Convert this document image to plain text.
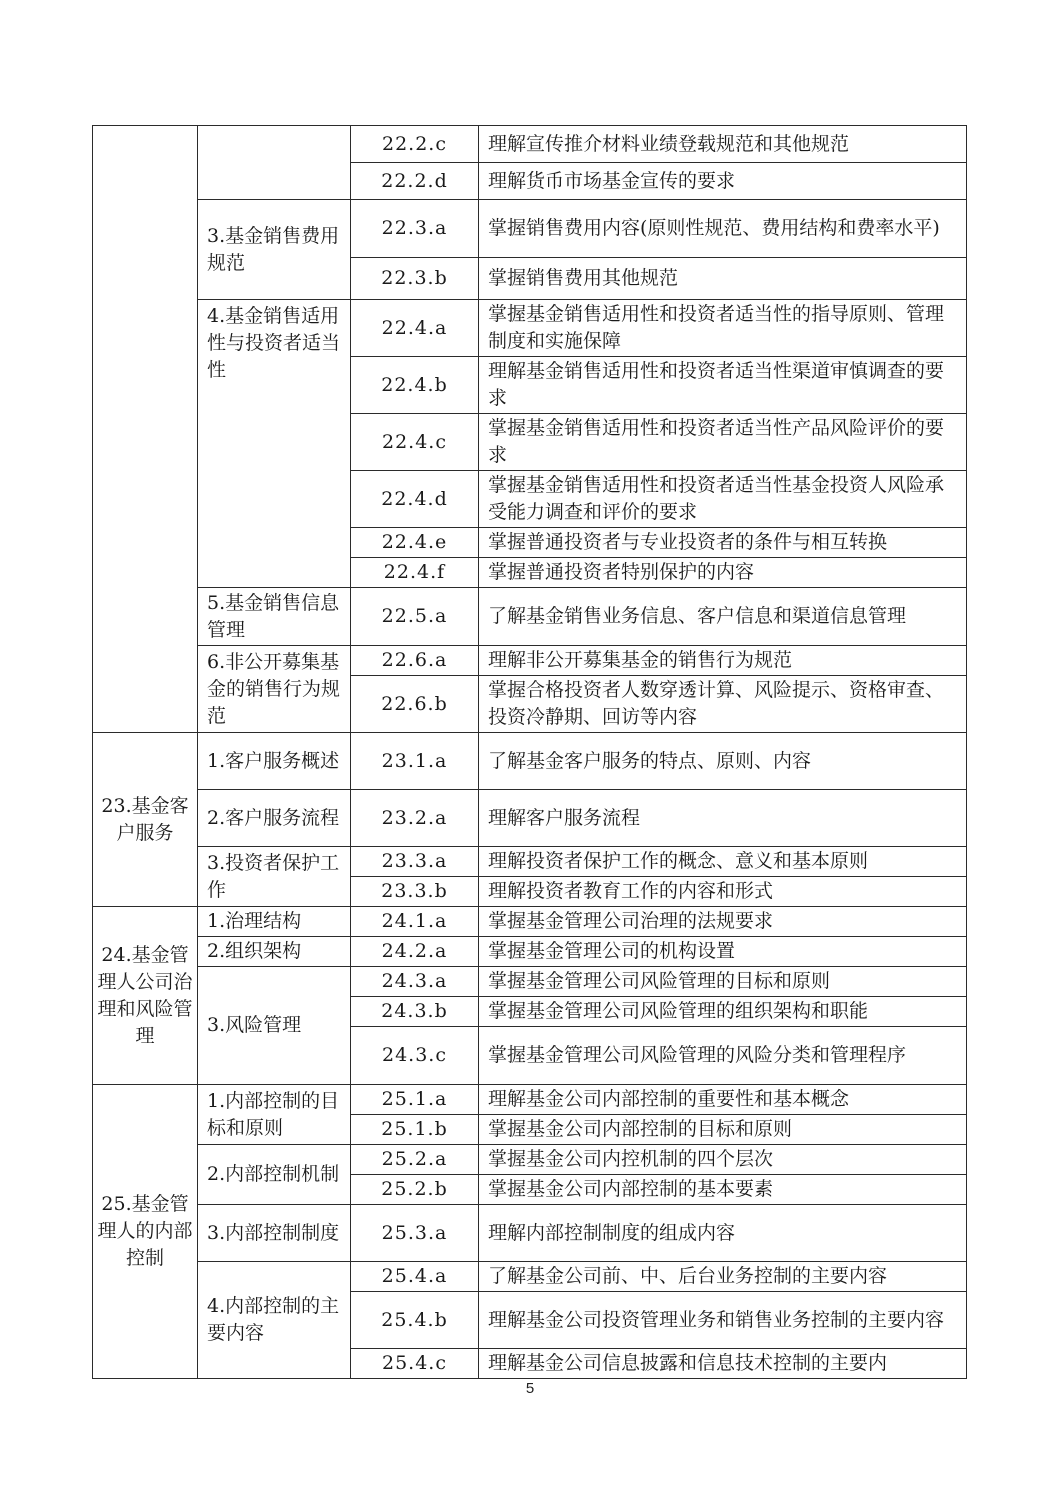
		22.2.c	理解宣传推介材料业绩登载规范和其他规范
		22.2.d	理解货币市场基金宣传的要求
	3.基金销售费用规范	22.3.a	掌握销售费用内容(原则性规范、费用结构和费率水平)
		22.3.b	掌握销售费用其他规范
	4.基金销售适用性与投资者适当性	22.4.a	掌握基金销售适用性和投资者适当性的指导原则、管理制度和实施保障
		22.4.b	理解基金销售适用性和投资者适当性渠道审慎调查的要求
		22.4.c	掌握基金销售适用性和投资者适当性产品风险评价的要求
		22.4.d	掌握基金销售适用性和投资者适当性基金投资人风险承受能力调查和评价的要求
		22.4.e	掌握普通投资者与专业投资者的条件与相互转换
		22.4.f	掌握普通投资者特别保护的内容
	5.基金销售信息管理	22.5.a	了解基金销售业务信息、客户信息和渠道信息管理
	6.非公开募集基金的销售行为规范	22.6.a	理解非公开募集基金的销售行为规范
		22.6.b	掌握合格投资者人数穿透计算、风险提示、资格审查、投资冷静期、回访等内容
23.基金客户服务	1.客户服务概述	23.1.a	了解基金客户服务的特点、原则、内容
	2.客户服务流程	23.2.a	理解客户服务流程
	3.投资者保护工作	23.3.a	理解投资者保护工作的概念、意义和基本原则
		23.3.b	理解投资者教育工作的内容和形式
24.基金管理人公司治理和风险管理	1.治理结构	24.1.a	掌握基金管理公司治理的法规要求
	2.组织架构	24.2.a	掌握基金管理公司的机构设置
	3.风险管理	24.3.a	掌握基金管理公司风险管理的目标和原则
		24.3.b	掌握基金管理公司风险管理的组织架构和职能
		24.3.c	掌握基金管理公司风险管理的风险分类和管理程序
25.基金管理人的内部控制	1.内部控制的目标和原则	25.1.a	理解基金公司内部控制的重要性和基本概念
		25.1.b	掌握基金公司内部控制的目标和原则
	2.内部控制机制	25.2.a	掌握基金公司内控机制的四个层次
		25.2.b	掌握基金公司内部控制的基本要素
	3.内部控制制度	25.3.a	理解内部控制制度的组成内容
	4.内部控制的主要内容	25.4.a	了解基金公司前、中、后台业务控制的主要内容
		25.4.b	理解基金公司投资管理业务和销售业务控制的主要内容
		25.4.c	理解基金公司信息披露和信息技术控制的主要内
5
